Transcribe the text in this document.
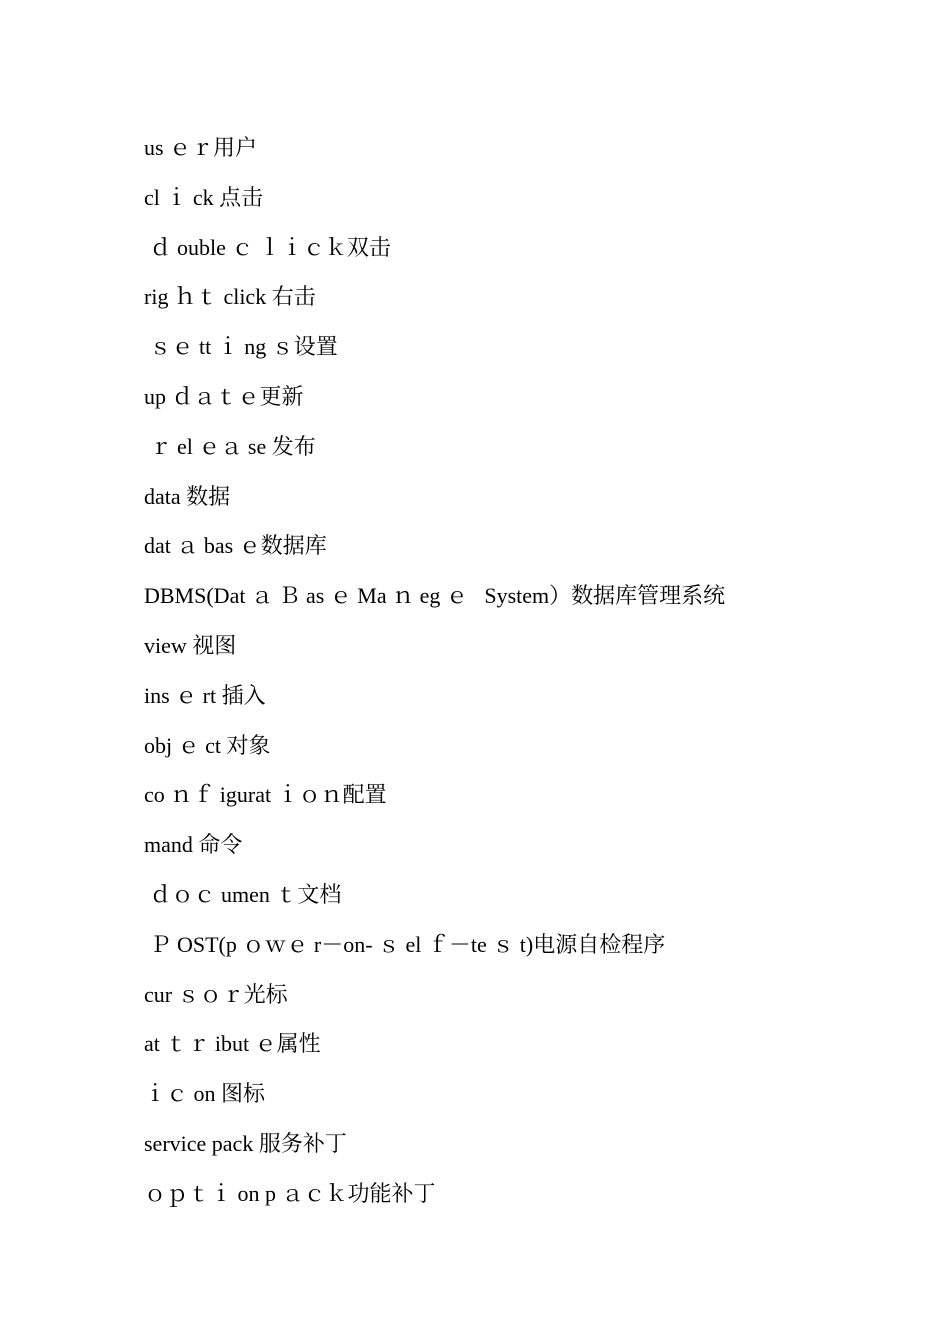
us ｅｒ用户
cl ｉ ck 点击
ｄ ouble ｃ ｌｉｃｋ双击
rig ｈｔ click 右击
ｓｅ tt ｉ ng ｓ设置
up ｄａｔｅ更新
ｒ el ｅａ se 发布
data 数据
dat ａ bas ｅ数据库
DBMS(Dat ａ Ｂ as ｅ Ma ｎ eg ｅ   System）数据库管理系统
view 视图
ins ｅ rt 插入
obj ｅ ct 对象
co ｎｆ igurat ｉｏｎ配置
mand 命令
ｄｏｃ umen ｔ文档
Ｐ OST(p ｏｗｅ r－on- ｓ el ｆ－te ｓ t)电源自检程序
cur ｓｏｒ光标
at ｔｒ ibut ｅ属性
ｉｃ on 图标
service pack 服务补丁
ｏｐｔｉ on p ａｃｋ功能补丁
